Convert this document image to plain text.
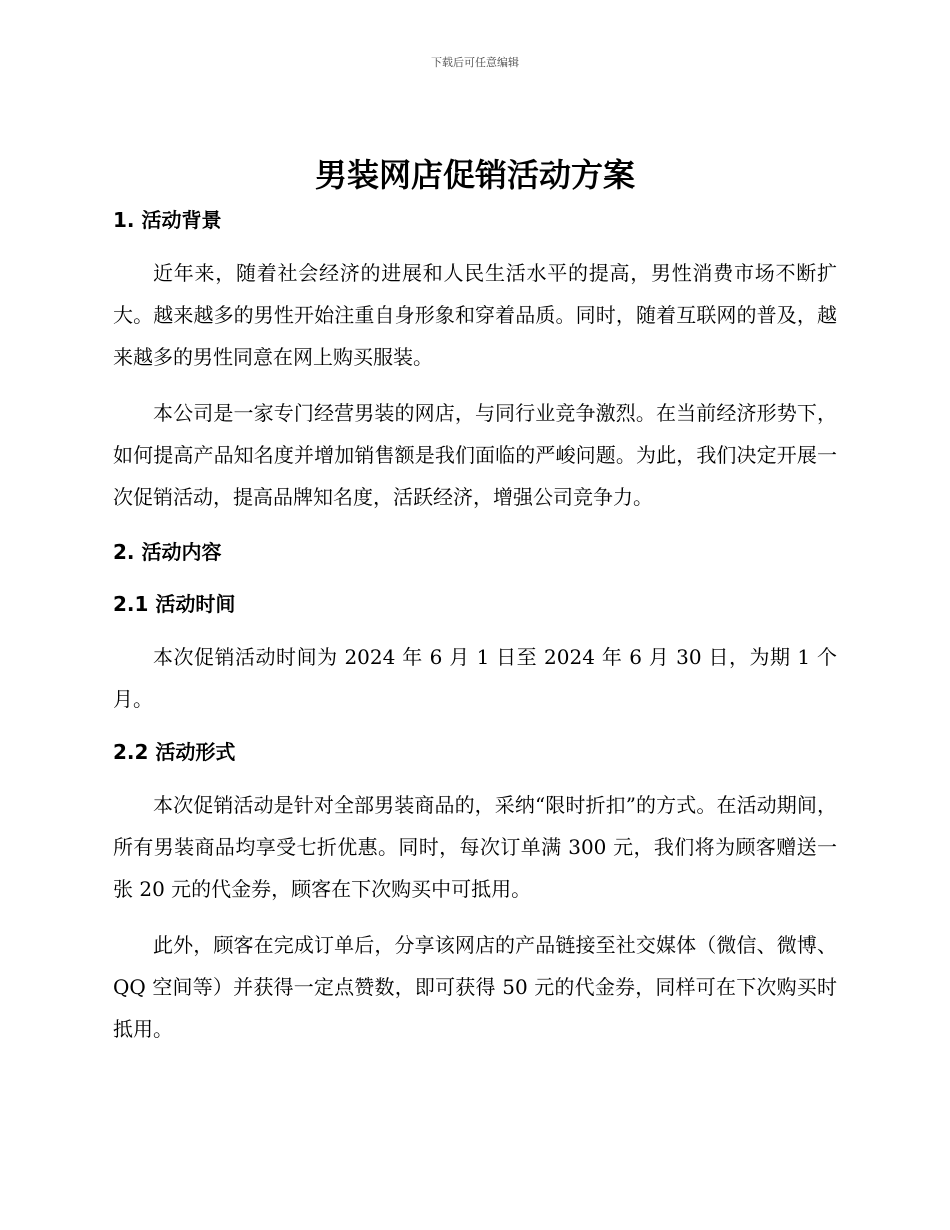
下载后可任意编辑
男装网店促销活动方案
1. 活动背景

近年来，随着社会经济的进展和人民生活水平的提高，男性消费市场不断扩大。越来越多的男性开始注重自身形象和穿着品质。同时，随着互联网的普及，越来越多的男性同意在网上购买服装。

本公司是一家专门经营男装的网店，与同行业竞争激烈。在当前经济形势下，如何提高产品知名度并增加销售额是我们面临的严峻问题。为此，我们决定开展一次促销活动，提高品牌知名度，活跃经济，增强公司竞争力。

2. 活动内容
2.1 活动时间

本次促销活动时间为 2024 年 6 月 1 日至 2024 年 6 月 30 日，为期 1 个月。

2.2 活动形式

本次促销活动是针对全部男装商品的，采纳“限时折扣”的方式。在活动期间，所有男装商品均享受七折优惠。同时，每次订单满 300 元，我们将为顾客赠送一张 20 元的代金券，顾客在下次购买中可抵用。

此外，顾客在完成订单后，分享该网店的产品链接至社交媒体（微信、微博、QQ 空间等）并获得一定点赞数，即可获得 50 元的代金券，同样可在下次购买时抵用。
